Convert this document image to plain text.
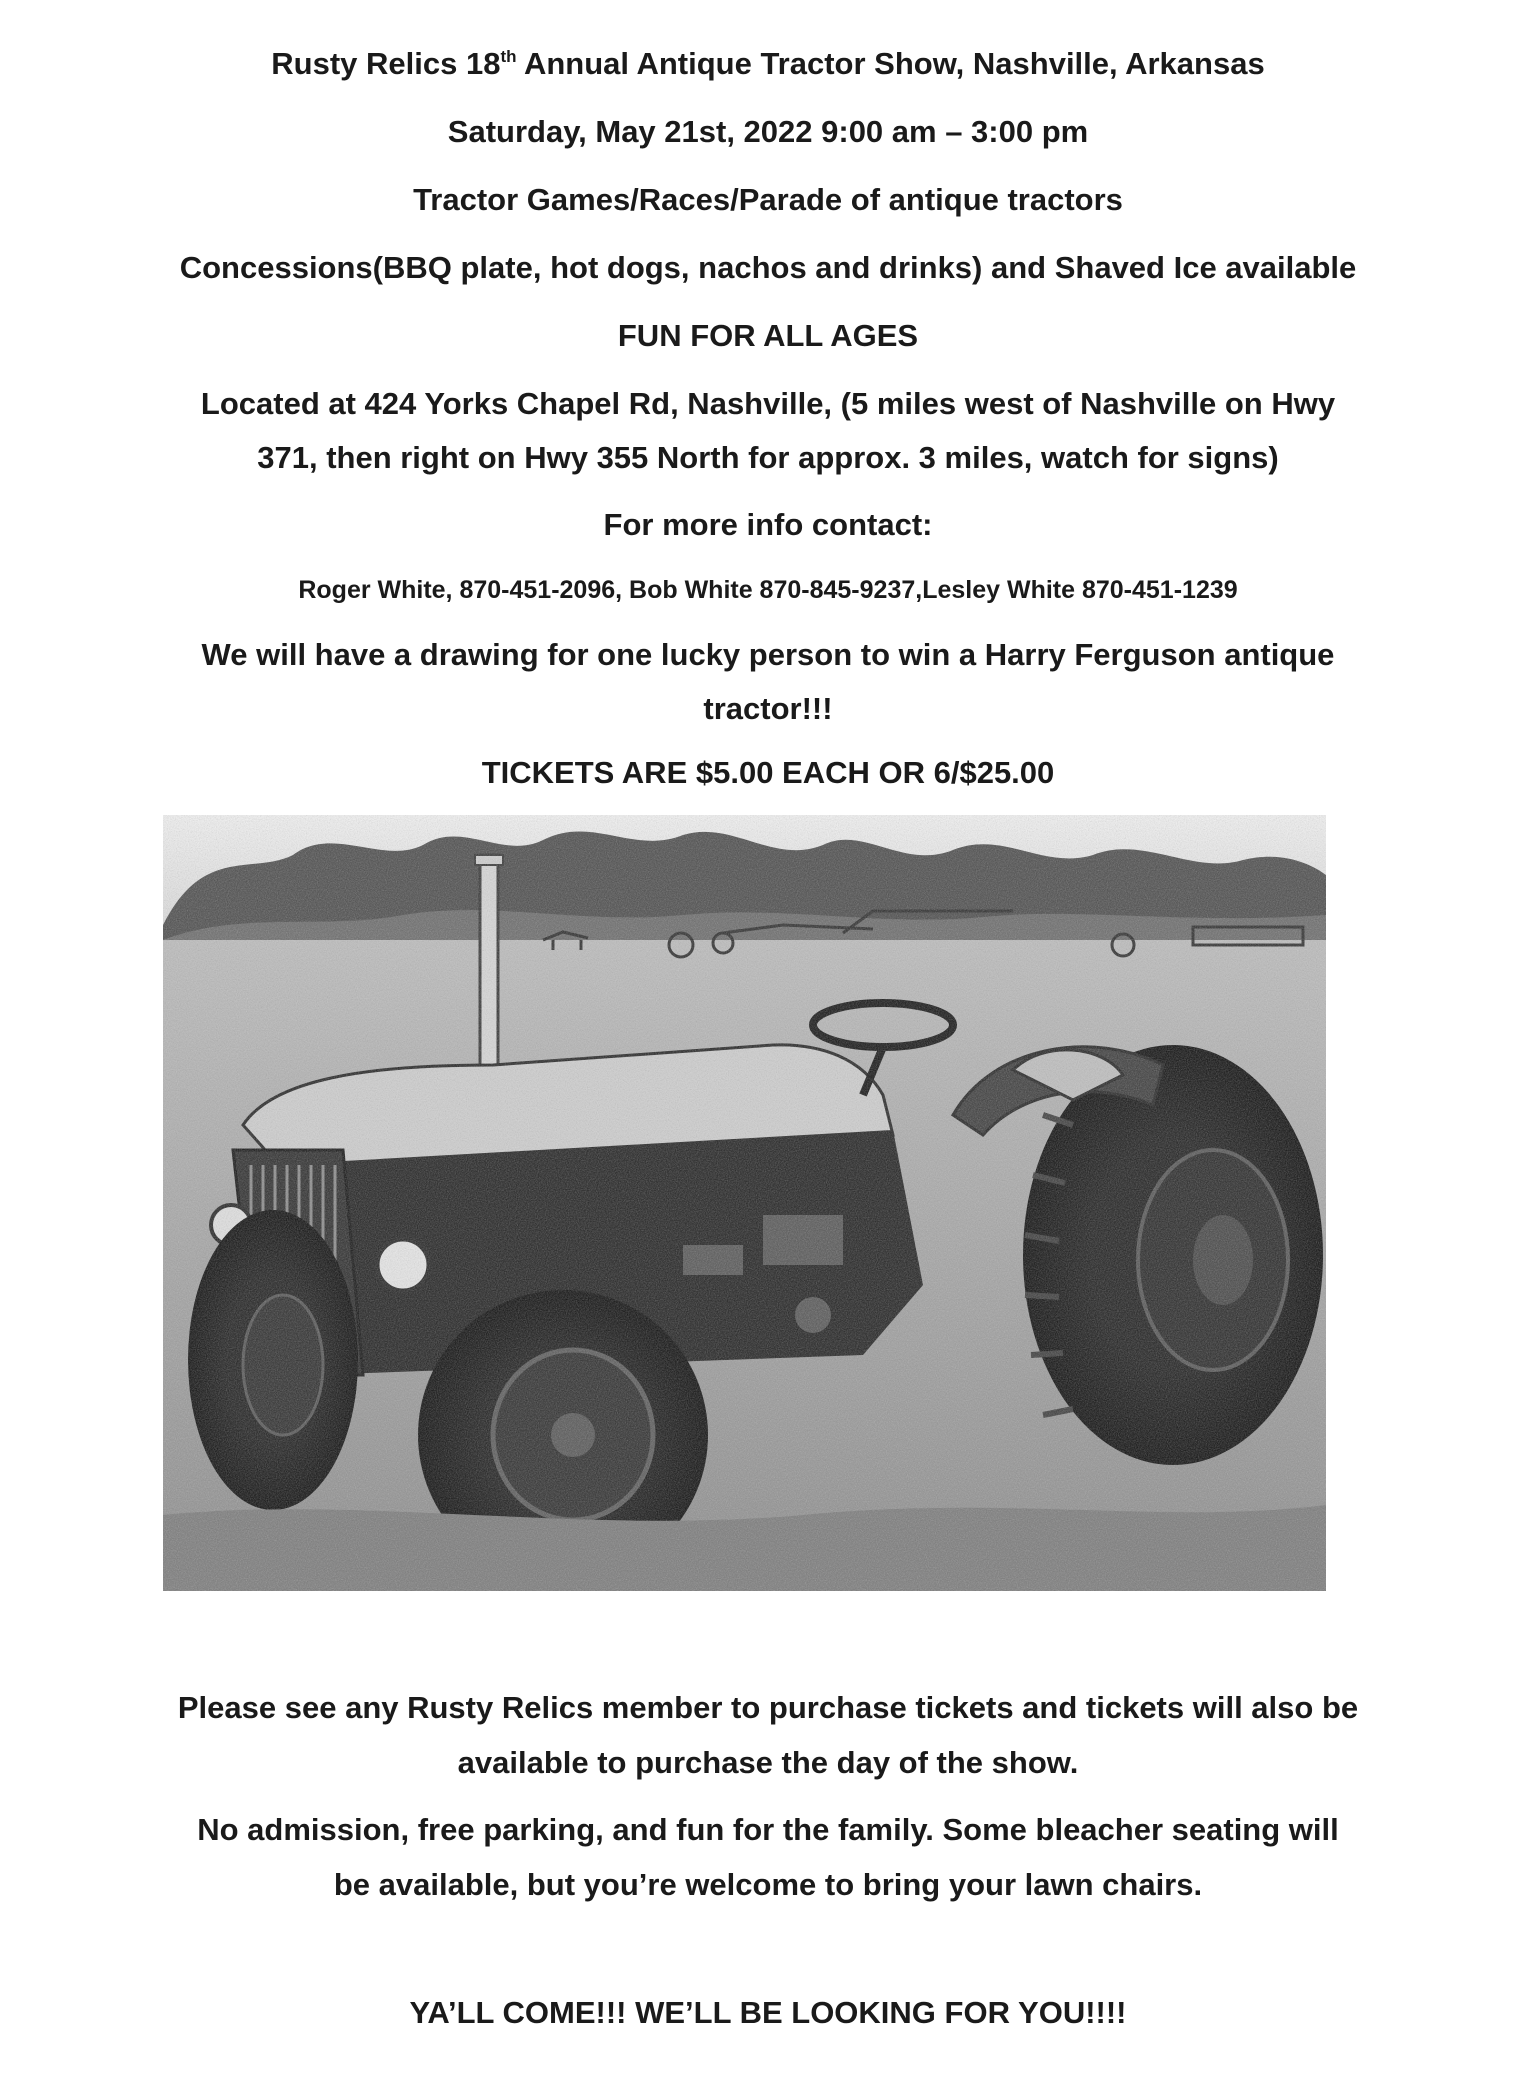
Rusty Relics 18th Annual Antique Tractor Show, Nashville, Arkansas
Saturday, May 21st, 2022 9:00 am – 3:00 pm
Tractor Games/Races/Parade of antique tractors
Concessions(BBQ plate, hot dogs, nachos and drinks) and Shaved Ice available
FUN FOR ALL AGES
Located at 424 Yorks Chapel Rd, Nashville, (5 miles west of Nashville on Hwy
371, then right on Hwy 355 North for approx. 3 miles, watch for signs)
For more info contact:
Roger White, 870-451-2096, Bob White 870-845-9237,Lesley White 870-451-1239
We will have a drawing for one lucky person to win a Harry Ferguson antique
tractor!!!
TICKETS ARE $5.00 EACH OR 6/$25.00
Please see any Rusty Relics member to purchase tickets and tickets will also be
available to purchase the day of the show.
No admission, free parking, and fun for the family. Some bleacher seating will
be available, but you’re welcome to bring your lawn chairs.
YA’LL COME!!! WE’LL BE LOOKING FOR YOU!!!!
